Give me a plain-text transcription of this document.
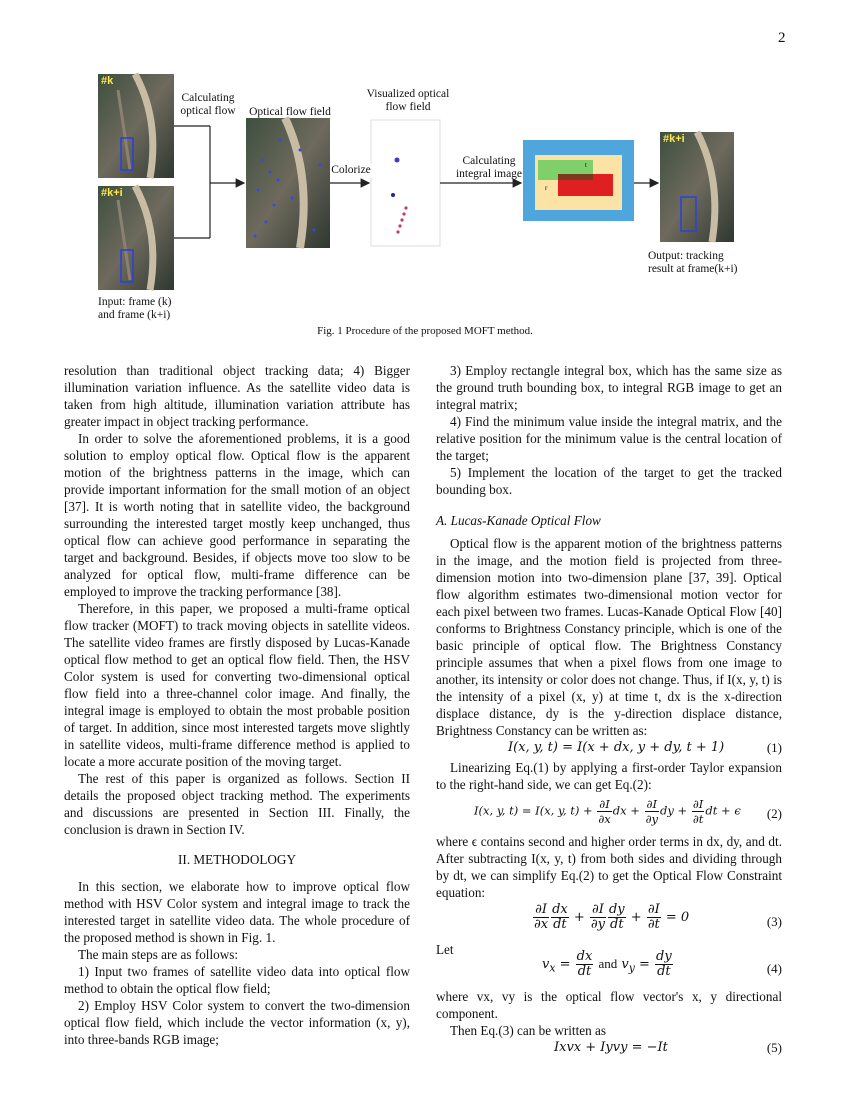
2
#k
#k+i
#k+i
Calculating optical flow	Optical flow field
Visualized optical flow field
Colorize
Calculating integral image
Input: frame (k) and frame (k+i)
Output: tracking result at frame(k+i)
t
r
Fig. 1 Procedure of the proposed MOFT method.

resolution than traditional object tracking data; 4) Bigger illumination variation influence. As the satellite video data is taken from high altitude, illumination variation attribute has greater impact in object tracking performance.

In order to solve the aforementioned problems, it is a good solution to employ optical flow. Optical flow is the apparent motion of the brightness patterns in the image, which can provide important information for the small motion of an object [37]. It is worth noting that in satellite video, the background surrounding the interested target mostly keep unchanged, thus optical flow can achieve good performance in separating the target and background. Besides, if objects move too slow to be analyzed for optical flow, multi-frame difference can be employed to improve the tracking performance [38].

Therefore, in this paper, we proposed a multi-frame optical flow tracker (MOFT) to track moving objects in satellite videos. The satellite video frames are firstly disposed by Lucas-Kanade optical flow method to get an optical flow field. Then, the HSV Color system is used for converting two-dimensional optical flow field into a three-channel color image. And finally, the integral image is employed to obtain the most probable position of target. In addition, since most interested targets move slightly in satellite videos, multi-frame difference method is applied to locate a more accurate position of the moving target.

The rest of this paper is organized as follows. Section II details the proposed object tracking method. The experiments and discussions are presented in Section III. Finally, the conclusion is drawn in Section IV.

II. METHODOLOGY

In this section, we elaborate how to improve optical flow method with HSV Color system and integral image to track the interested target in satellite video data. The whole procedure of the proposed method is shown in Fig. 1.

The main steps are as follows:

1) Input two frames of satellite video data into optical flow method to obtain the optical flow field;

2) Employ HSV Color system to convert the two-dimension optical flow field, which include the vector information (x, y), into three-bands RGB image;

3) Employ rectangle integral box, which has the same size as the ground truth bounding box, to integral RGB image to get an integral matrix;

4) Find the minimum value inside the integral matrix, and the relative position for the minimum value is the central location of the target;

5) Implement the location of the target to get the tracked bounding box.

A. Lucas-Kanade Optical Flow

Optical flow is the apparent motion of the brightness patterns in the image, and the motion field is projected from three-dimension motion into two-dimension plane [37, 39]. Optical flow algorithm estimates two-dimensional motion vector for each pixel between two frames. Lucas-Kanade Optical Flow [40] conforms to Brightness Constancy principle, which is one of the basic principle of optical flow. The Brightness Constancy principle assumes that when a pixel flows from one image to another, its intensity or color does not change. Thus, if I(x, y, t) is the intensity of a pixel (x, y) at time t, dx is the x-direction displace distance, dy is the y-direction displace distance, Brightness Constancy can be written as:

I(x, y, t) = I(x + dx, y + dy, t + 1)	(1)

Linearizing Eq.(1) by applying a first-order Taylor expansion to the right-hand side, we can get Eq.(2):

I(x, y, t) = I(x, y, $t) + \frac{\partial I}{\partial x}$ dx + $\frac{\partial I}{\partial y}$ dy + $\frac{\partial I}{\partial t}$ dt + ϵ (2)

where ϵ contains second and higher order terms in dx, dy, and dt. After subtracting I(x, y, t) from both sides and dividing through by dt, we can simplify Eq.(2) to get the Optical Flow Constraint equation:

$\frac{\partial I}{\partial x} \frac{dx}{dt} + \frac{\partial I}{\partial y} \frac{dy}{dt} + \frac{\partial I}{\partial t} = 0$	(3)

Let

$v_x = \frac{dx}{dt}$ and $v_y = \frac{dy}{dt}$	(4)

where vx, vy is the optical flow vector's x, y directional component.

Then Eq.(3) can be written as

Ixvx + Iyvy = −It	(5)
